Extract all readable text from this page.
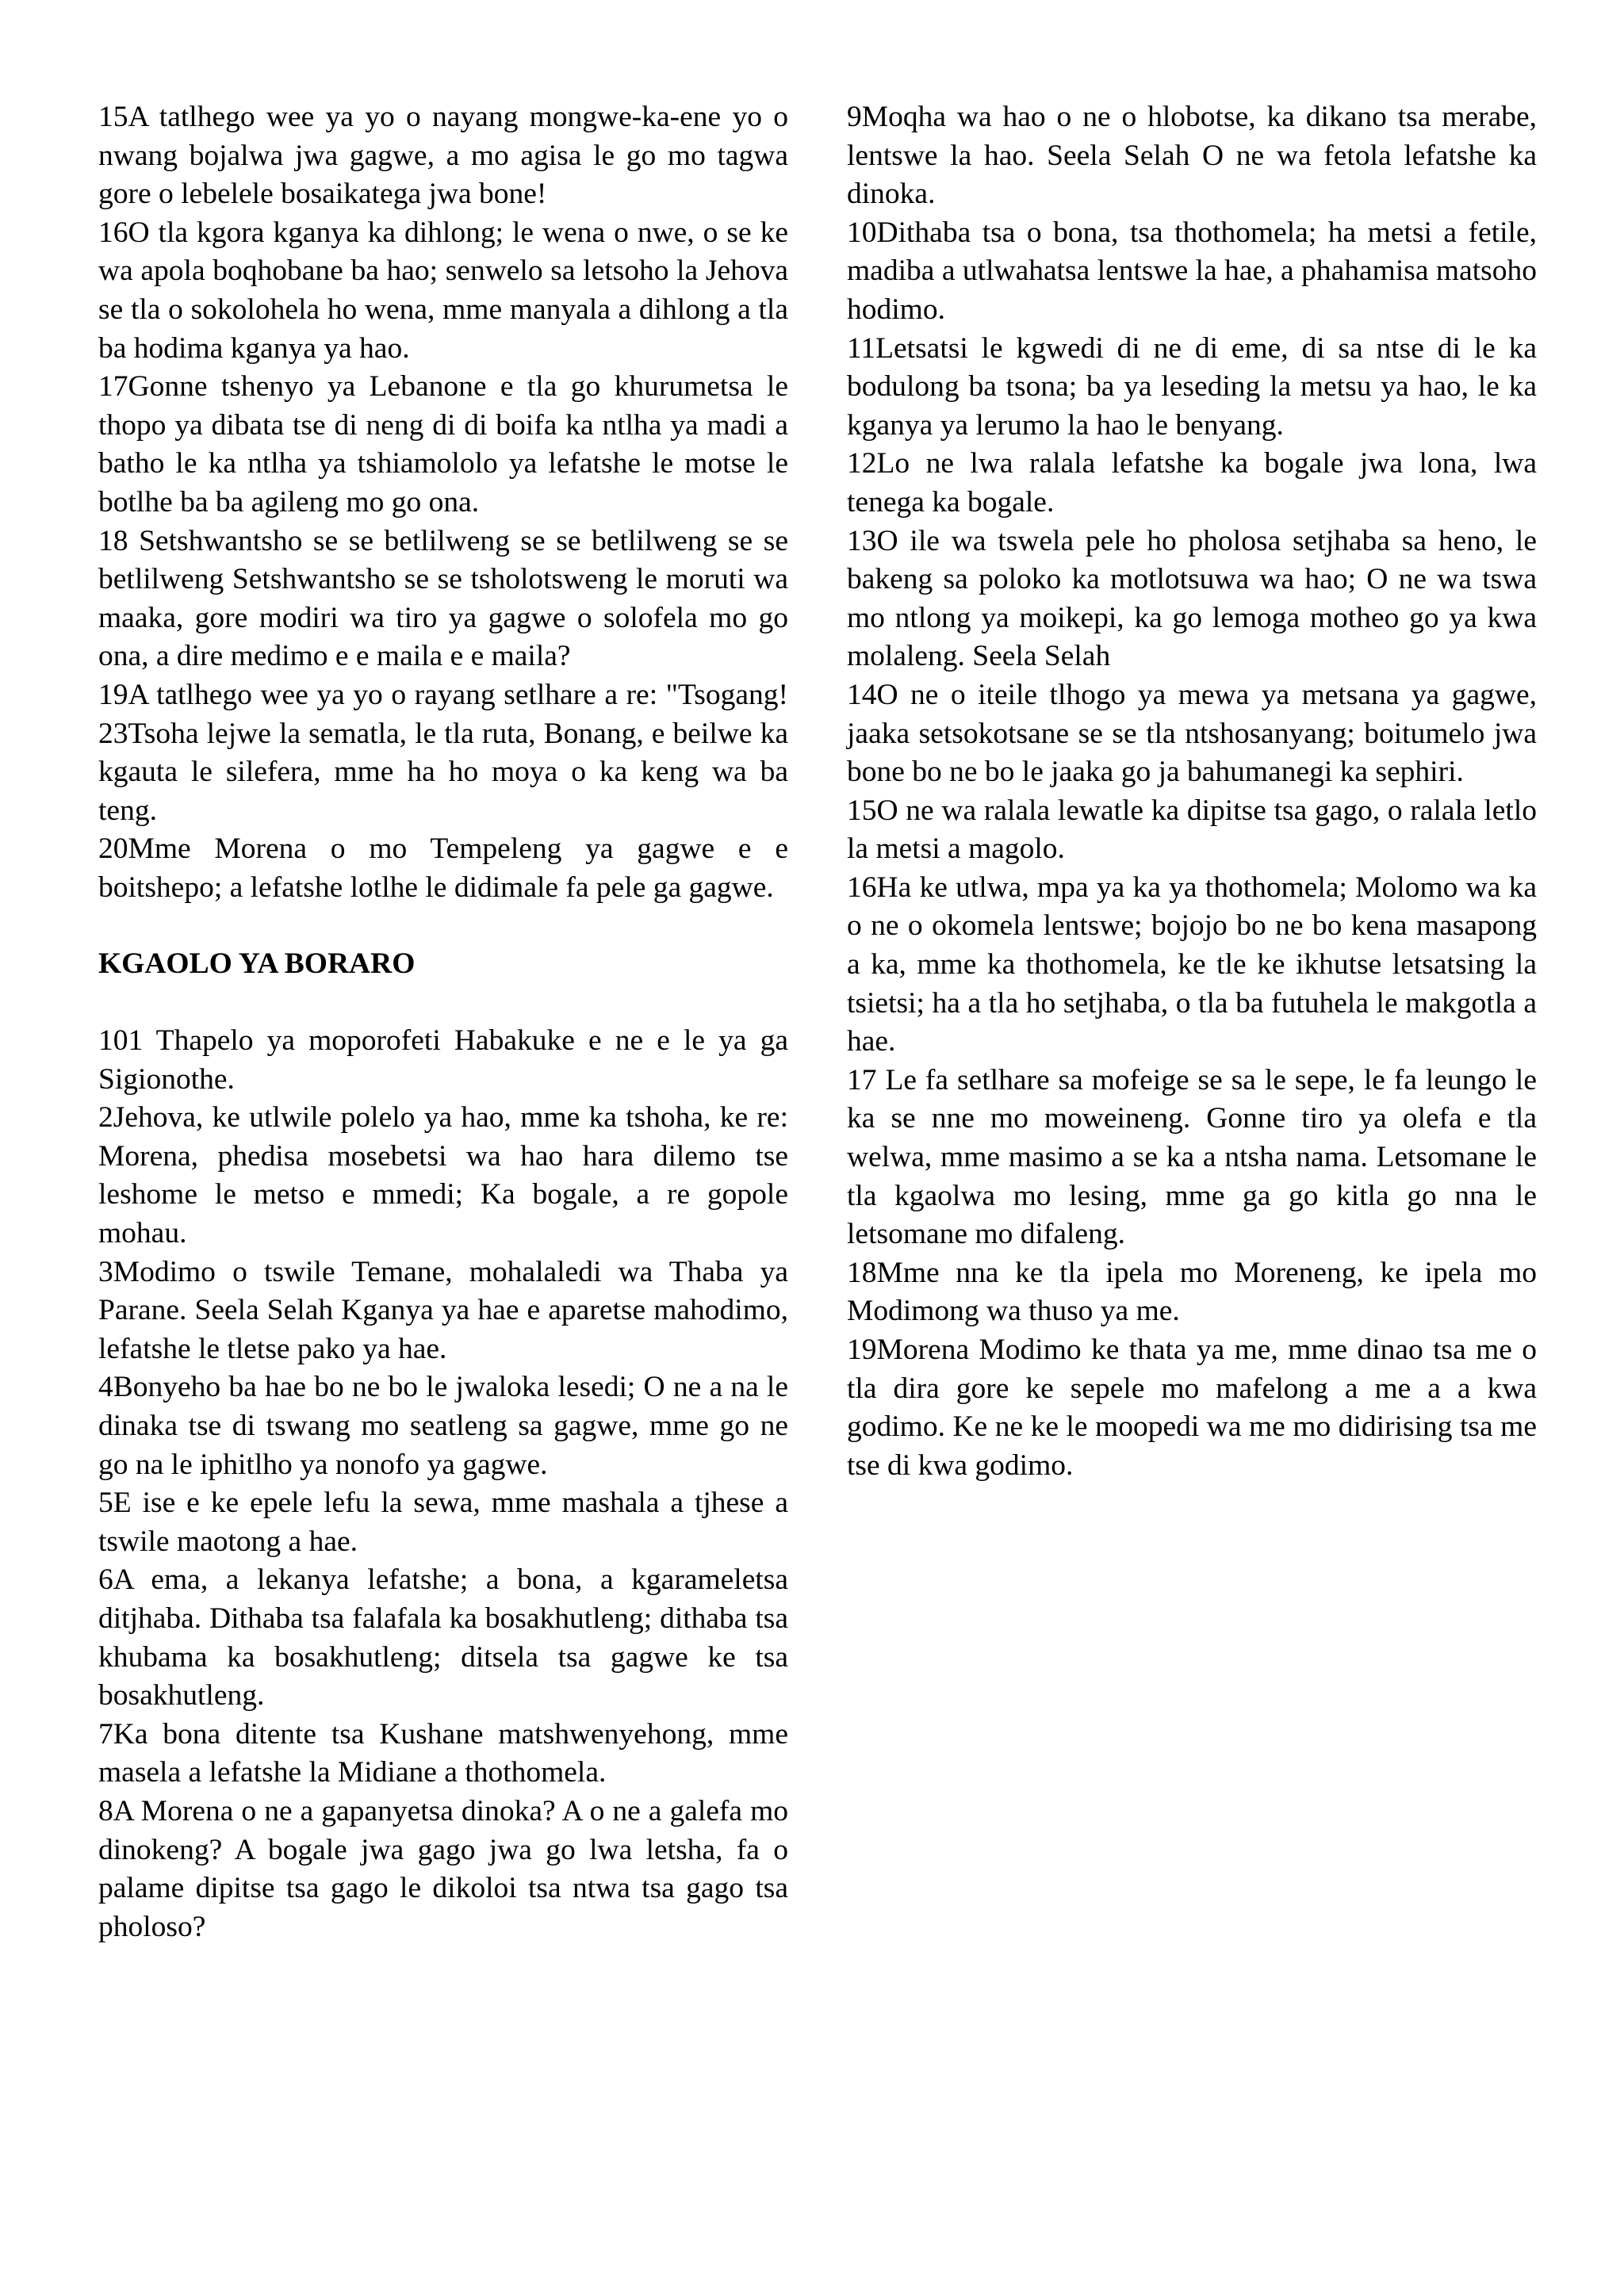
15A tatlhego wee ya yo o nayang mongwe-ka-ene yo o nwang bojalwa jwa gagwe, a mo agisa le go mo tagwa gore o lebelele bosaikatega jwa bone!

16O tla kgora kganya ka dihlong; le wena o nwe, o se ke wa apola boqhobane ba hao; senwelo sa letsoho la Jehova se tla o sokolohela ho wena, mme manyala a dihlong a tla ba hodima kganya ya hao.

17Gonne tshenyo ya Lebanone e tla go khurumetsa le thopo ya dibata tse di neng di di boifa ka ntlha ya madi a batho le ka ntlha ya tshiamololo ya lefatshe le motse le botlhe ba ba agileng mo go ona.

18 Setshwantsho se se betlilweng se se betlilweng se se betlilweng Setshwantsho se se tsholotsweng le moruti wa maaka, gore modiri wa tiro ya gagwe o solofela mo go ona, a dire medimo e e maila e e maila?

19A tatlhego wee ya yo o rayang setlhare a re: "Tsogang! 23Tsoha lejwe la sematla, le tla ruta, Bonang, e beilwe ka kgauta le silefera, mme ha ho moya o ka keng wa ba teng.

20Mme Morena o mo Tempeleng ya gagwe e e boitshepo; a lefatshe lotlhe le didimale fa pele ga gagwe.

KGAOLO YA BORARO

101 Thapelo ya moporofeti Habakuke e ne e le ya ga Sigionothe.

2Jehova, ke utlwile polelo ya hao, mme ka tshoha, ke re: Morena, phedisa mosebetsi wa hao hara dilemo tse leshome le metso e mmedi; Ka bogale, a re gopole mohau.

3Modimo o tswile Temane, mohalaledi wa Thaba ya Parane. Seela Selah Kganya ya hae e aparetse mahodimo, lefatshe le tletse pako ya hae.

4Bonyeho ba hae bo ne bo le jwaloka lesedi; O ne a na le dinaka tse di tswang mo seatleng sa gagwe, mme go ne go na le iphitlho ya nonofo ya gagwe.

5E ise e ke epele lefu la sewa, mme mashala a tjhese a tswile maotong a hae.

6A ema, a lekanya lefatshe; a bona, a kgarameletsa ditjhaba. Dithaba tsa falafala ka bosakhutleng; dithaba tsa khubama ka bosakhutleng; ditsela tsa gagwe ke tsa bosakhutleng.

7Ka bona ditente tsa Kushane matshwenyehong, mme masela a lefatshe la Midiane a thothomela.

8A Morena o ne a gapanyetsa dinoka? A o ne a galefa mo dinokeng? A bogale jwa gago jwa go lwa letsha, fa o palame dipitse tsa gago le dikoloi tsa ntwa tsa gago tsa pholoso?

9Moqha wa hao o ne o hlobotse, ka dikano tsa merabe, lentswe la hao. Seela Selah O ne wa fetola lefatshe ka dinoka.

10Dithaba tsa o bona, tsa thothomela; ha metsi a fetile, madiba a utlwahatsa lentswe la hae, a phahamisa matsoho hodimo.

11Letsatsi le kgwedi di ne di eme, di sa ntse di le ka bodulong ba tsona; ba ya leseding la metsu ya hao, le ka kganya ya lerumo la hao le benyang.

12Lo ne lwa ralala lefatshe ka bogale jwa lona, lwa tenega ka bogale.

13O ile wa tswela pele ho pholosa setjhaba sa heno, le bakeng sa poloko ka motlotsuwa wa hao; O ne wa tswa mo ntlong ya moikepi, ka go lemoga motheo go ya kwa molaleng. Seela Selah

14O ne o iteile tlhogo ya mewa ya metsana ya gagwe, jaaka setsokotsane se se tla ntshosanyang; boitumelo jwa bone bo ne bo le jaaka go ja bahumanegi ka sephiri.

15O ne wa ralala lewatle ka dipitse tsa gago, o ralala letlo la metsi a magolo.

16Ha ke utlwa, mpa ya ka ya thothomela; Molomo wa ka o ne o okomela lentswe; bojojo bo ne bo kena masapong a ka, mme ka thothomela, ke tle ke ikhutse letsatsing la tsietsi; ha a tla ho setjhaba, o tla ba futuhela le makgotla a hae.

17 Le fa setlhare sa mofeige se sa le sepe, le fa leungo le ka se nne mo moweineng. Gonne tiro ya olefa e tla welwa, mme masimo a se ka a ntsha nama. Letsomane le tla kgaolwa mo lesing, mme ga go kitla go nna le letsomane mo difaleng.

18Mme nna ke tla ipela mo Moreneng, ke ipela mo Modimong wa thuso ya me.

19Morena Modimo ke thata ya me, mme dinao tsa me o tla dira gore ke sepele mo mafelong a me a a kwa godimo. Ke ne ke le moopedi wa me mo didirising tsa me tse di kwa godimo.
